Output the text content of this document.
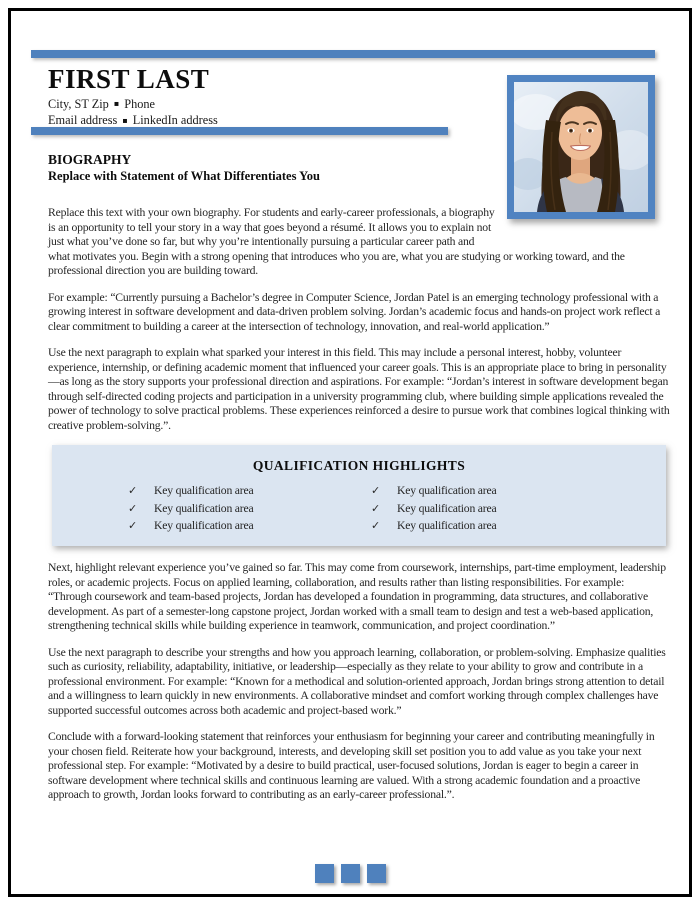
FIRST LAST
City, ST Zip ▪ Phone
Email address ▪ LinkedIn address
BIOGRAPHY
Replace with Statement of What Differentiates You

Replace this text with your own biography. For students and early-career professionals, a biography is an opportunity to tell your story in a way that goes beyond a résumé. It allows you to explain not just what you’ve done so far, but why you’re intentionally pursuing a particular career path and what motivates you. Begin with a strong opening that introduces who you are, what you are studying or working toward, and the professional direction you are building toward.

For example: “Currently pursuing a Bachelor’s degree in Computer Science, Jordan Patel is an emerging technology professional with a growing interest in software development and data-driven problem solving. Jordan’s academic focus and hands-on project work reflect a clear commitment to building a career at the intersection of technology, innovation, and real-world application.”

Use the next paragraph to explain what sparked your interest in this field. This may include a personal interest, hobby, volunteer experience, internship, or defining academic moment that influenced your career goals. This is an appropriate place to bring in personality—as long as the story supports your professional direction and aspirations. For example: “Jordan’s interest in software development began through self-directed coding projects and participation in a university programming club, where building simple applications revealed the power of technology to solve practical problems. These experiences reinforced a desire to pursue work that combines logical thinking with creative problem-solving.”.

QUALIFICATION HIGHLIGHTS
✓ Key qualification area	✓ Key qualification area
✓ Key qualification area	✓ Key qualification area
✓ Key qualification area	✓ Key qualification area

Next, highlight relevant experience you’ve gained so far. This may come from coursework, internships, part-time employment, leadership roles, or academic projects. Focus on applied learning, collaboration, and results rather than listing responsibilities. For example: “Through coursework and team-based projects, Jordan has developed a foundation in programming, data structures, and collaborative development. As part of a semester-long capstone project, Jordan worked with a small team to design and test a web-based application, strengthening technical skills while building experience in teamwork, communication, and project coordination.”

Use the next paragraph to describe your strengths and how you approach learning, collaboration, or problem-solving. Emphasize qualities such as curiosity, reliability, adaptability, initiative, or leadership—especially as they relate to your ability to grow and contribute in a professional environment. For example: “Known for a methodical and solution-oriented approach, Jordan brings strong attention to detail and a willingness to learn quickly in new environments. A collaborative mindset and comfort working through complex challenges have supported successful outcomes across both academic and project-based work.”

Conclude with a forward-looking statement that reinforces your enthusiasm for beginning your career and contributing meaningfully in your chosen field. Reiterate how your background, interests, and developing skill set position you to add value as you take your next professional step. For example: “Motivated by a desire to build practical, user-focused solutions, Jordan is eager to begin a career in software development where technical skills and continuous learning are valued. With a strong academic foundation and a proactive approach to growth, Jordan looks forward to contributing as an early-career professional.”.
